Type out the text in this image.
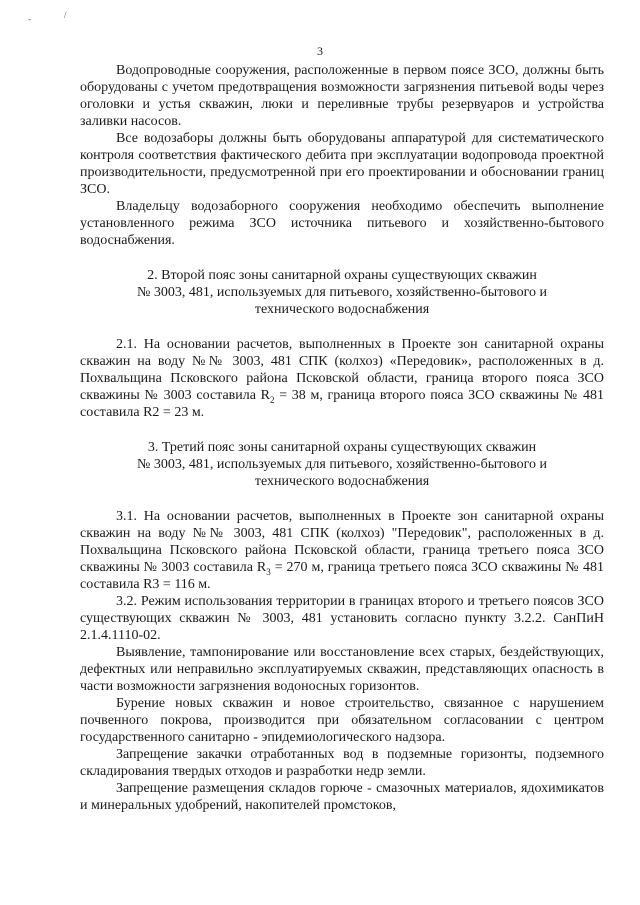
-	/
3

Водопроводные сооружения, расположенные в первом поясе ЗСО, должны быть оборудованы с учетом предотвращения возможности загрязнения питьевой воды через оголовки и устья скважин, люки и переливные трубы резервуаров и устройства заливки насосов.

Все водозаборы должны быть оборудованы аппаратурой для систематического контроля соответствия фактического дебита при эксплуатации водопровода проектной производительности, предусмотренной при его проектировании и обосновании границ ЗСО.

Владельцу водозаборного сооружения необходимо обеспечить выполнение установленного режима ЗСО источника питьевого и хозяйственно-бытового водоснабжения.

2. Второй пояс зоны санитарной охраны существующих скважин
№ 3003, 481, используемых для питьевого, хозяйственно-бытового и
технического водоснабжения

2.1. На основании расчетов, выполненных в Проекте зон санитарной охраны скважин на воду №№ 3003, 481 СПК (колхоз) «Передовик», расположенных в д. Похвальщина Псковского района Псковской области, граница второго пояса ЗСО скважины № 3003 составила $R_2 = 38$ м, граница второго пояса ЗСО скважины № 481 составила R2 = 23 м.

3. Третий пояс зоны санитарной охраны существующих скважин
№ 3003, 481, используемых для питьевого, хозяйственно-бытового и
технического водоснабжения

3.1. На основании расчетов, выполненных в Проекте зон санитарной охраны скважин на воду №№ 3003, 481 СПК (колхоз) "Передовик", расположенных в д. Похвальщина Псковского района Псковской области, граница третьего пояса ЗСО скважины № 3003 составила $R_3 = 270$ м, граница третьего пояса ЗСО скважины № 481 составила R3 = 116 м.

3.2. Режим использования территории в границах второго и третьего поясов ЗСО существующих скважин № 3003, 481 установить согласно пункту 3.2.2. СанПиН 2.1.4.1110-02.

Выявление, тампонирование или восстановление всех старых, бездействующих, дефектных или неправильно эксплуатируемых скважин, представляющих опасность в части возможности загрязнения водоносных горизонтов.

Бурение новых скважин и новое строительство, связанное с нарушением почвенного покрова, производится при обязательном согласовании с центром государственного санитарно - эпидемиологического надзора.

Запрещение закачки отработанных вод в подземные горизонты, подземного складирования твердых отходов и разработки недр земли.

Запрещение размещения складов горюче - смазочных материалов, ядохимикатов и минеральных удобрений, накопителей промстоков,
